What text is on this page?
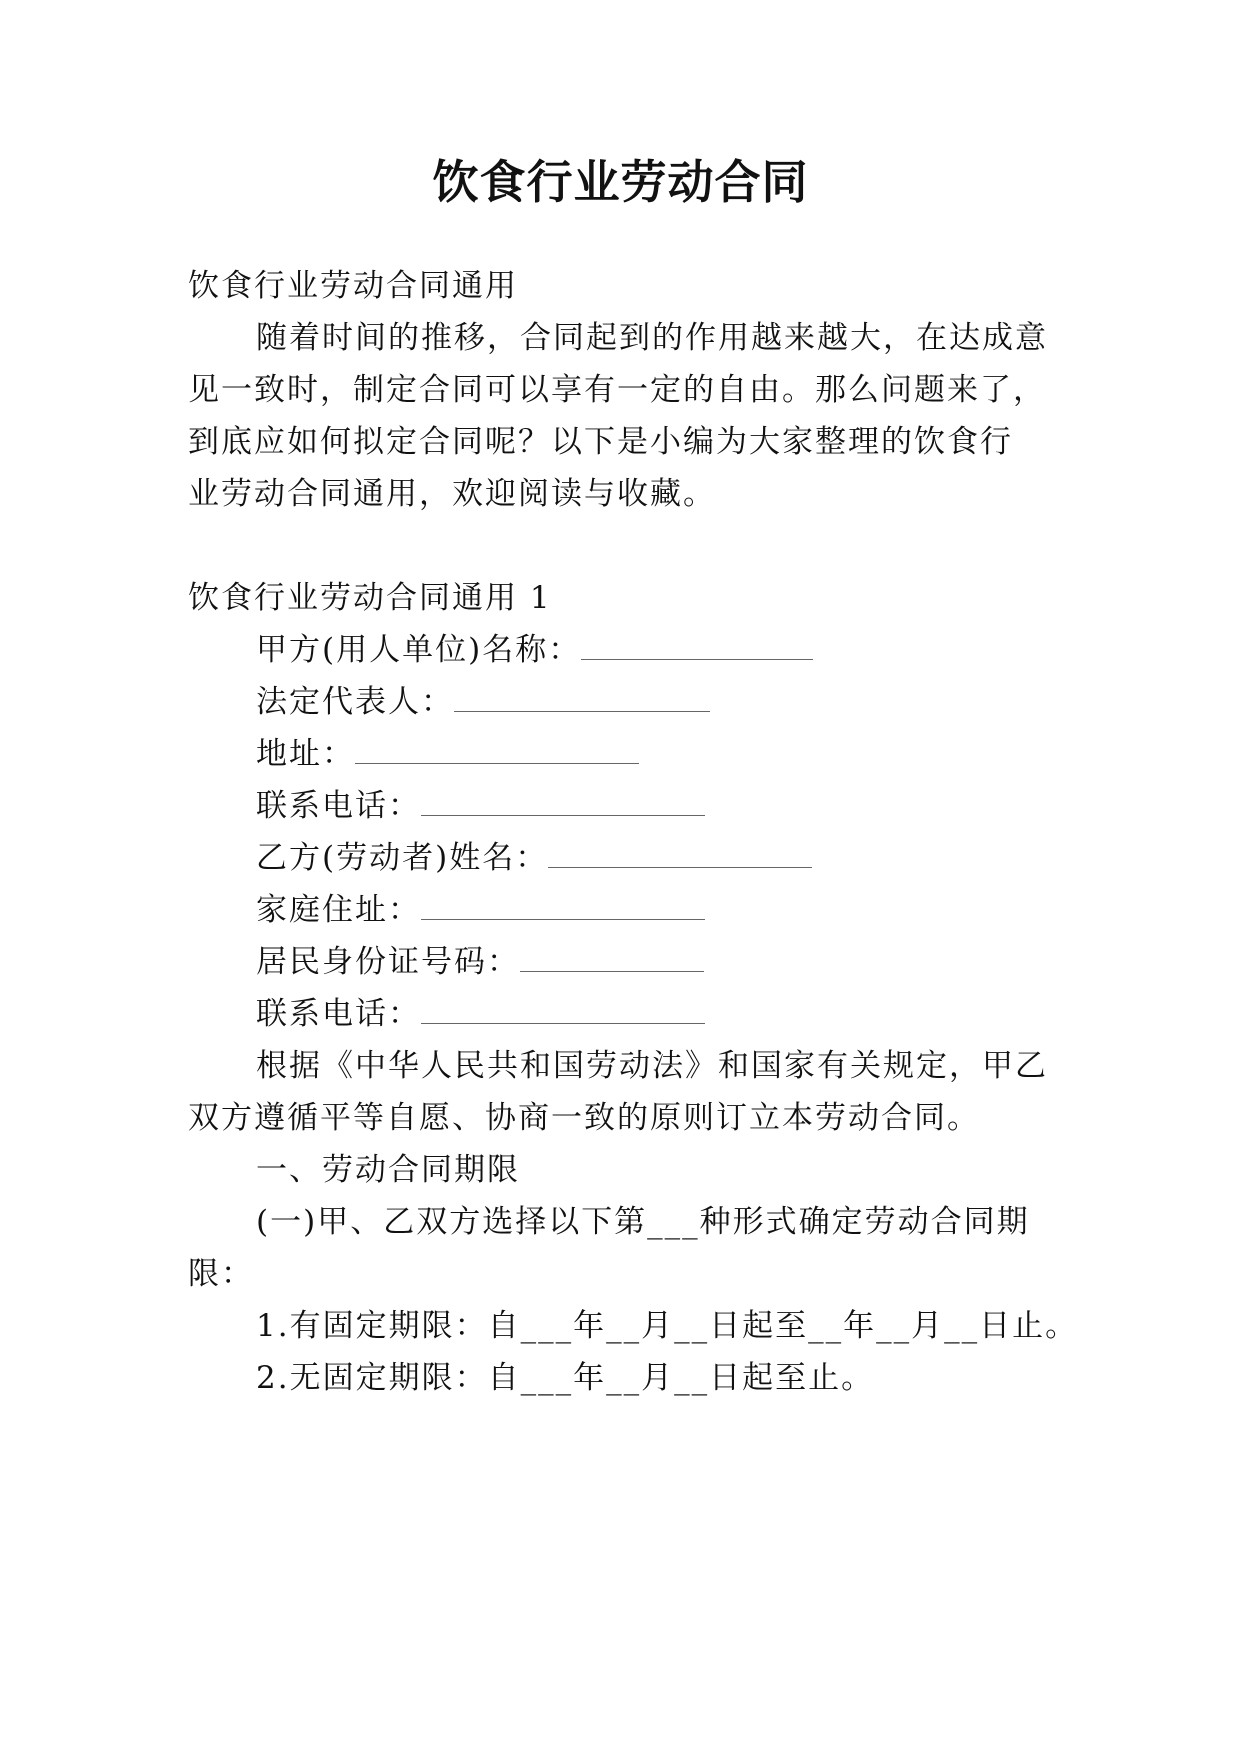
饮食行业劳动合同
饮食行业劳动合同通用
随着时间的推移，合同起到的作用越来越大，在达成意
见一致时，制定合同可以享有一定的自由。那么问题来了，
到底应如何拟定合同呢？以下是小编为大家整理的饮食行
业劳动合同通用，欢迎阅读与收藏。
饮食行业劳动合同通用 1
甲方(用人单位)名称：
法定代表人：
地址：
联系电话：
乙方(劳动者)姓名：
家庭住址：
居民身份证号码：
联系电话：
根据《中华人民共和国劳动法》和国家有关规定，甲乙
双方遵循平等自愿、协商一致的原则订立本劳动合同。
一、劳动合同期限
(一)甲、乙双方选择以下第___种形式确定劳动合同期
限：
1.有固定期限：自___年__月__日起至__年__月__日止。
2.无固定期限：自___年__月__日起至止。
